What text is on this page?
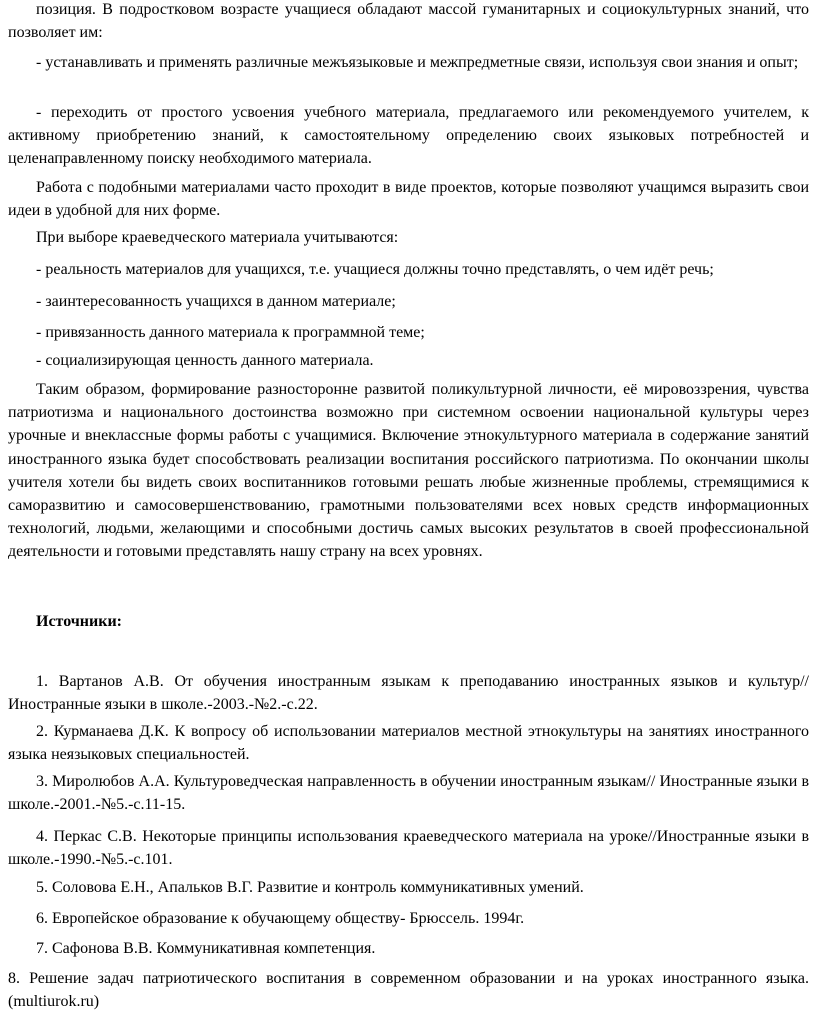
позиция. В подростковом возрасте учащиеся обладают массой гуманитарных и социокультурных знаний, что позволяет им:

- устанавливать и применять различные межъязыковые и межпредметные связи, используя свои знания и опыт;

- переходить от простого усвоения учебного материала, предлагаемого или рекомендуемого учителем, к активному приобретению знаний, к самостоятельному определению своих языковых потребностей и целенаправленному поиску необходимого материала.

Работа с подобными материалами часто проходит в виде проектов, которые позволяют учащимся выразить свои идеи в удобной для них форме.

При выборе краеведческого материала учитываются:

- реальность материалов для учащихся, т.е. учащиеся должны точно представлять, о чем идёт речь;

- заинтересованность учащихся в данном материале;

- привязанность данного материала к программной теме;

- социализирующая ценность данного материала.

Таким образом, формирование разносторонне развитой поликультурной личности, её мировоззрения, чувства патриотизма и национального достоинства возможно при системном освоении национальной культуры через урочные и внеклассные формы работы с учащимися. Включение этнокультурного материала в содержание занятий иностранного языка будет способствовать реализации воспитания российского патриотизма. По окончании школы учителя хотели бы видеть своих воспитанников готовыми решать любые жизненные проблемы, стремящимися к саморазвитию и самосовершенствованию, грамотными пользователями всех новых средств информационных технологий, людьми, желающими и способными достичь самых высоких результатов в своей профессиональной деятельности и готовыми представлять нашу страну на всех уровнях.

Источники:

1. Вартанов А.В. От обучения иностранным языкам к преподаванию иностранных языков и культур//Иностранные языки в школе.-2003.-№2.-с.22.

2. Курманаева Д.К. К вопросу об использовании материалов местной этнокультуры на занятиях иностранного языка неязыковых специальностей.

3. Миролюбов А.А. Культуроведческая направленность в обучении иностранным языкам// Иностранные языки в школе.-2001.-№5.-с.11-15.

4. Перкас С.В. Некоторые принципы использования краеведческого материала на уроке//Иностранные языки в школе.-1990.-№5.-с.101.

5. Соловова Е.Н., Апальков В.Г. Развитие и контроль коммуникативных умений.

6. Европейское образование к обучающему обществу- Брюссель. 1994г.

7. Сафонова В.В. Коммуникативная компетенция.

8. Решение задач патриотического воспитания в современном образовании и на уроках иностранного языка. (multiurok.ru)
